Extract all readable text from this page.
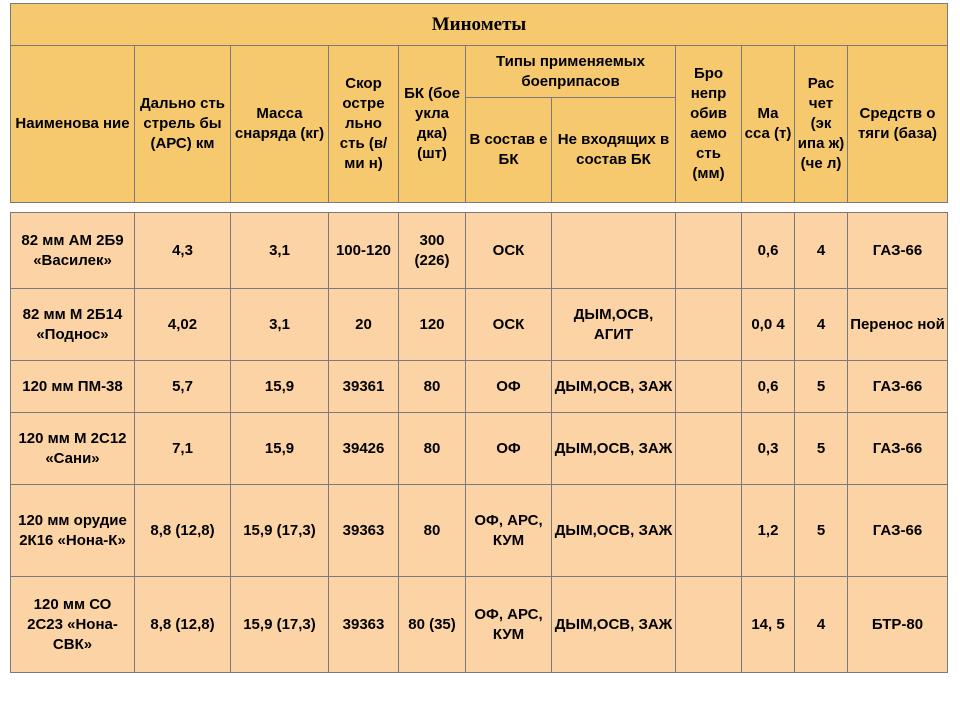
Минометы										
Наименова ние	Дально сть стрель бы (АРС) км	Масса снаряда (кг)	Скор остре льно сть (в/ми н)	БК (бое укла дка) (шт)	Типы применяемых боеприпасов		Бро непр обив аемо сть (мм)	Ма сса (т)	Рас чет (эк ипа ж) (че л)	Средств о тяги (база)
					В состав е БК	Не входящих в состав БК				
82 мм АМ 2Б9 «Василек»	4,3	3,1	100-120	300 (226)	ОСК			0,6	4	ГАЗ-66
82 мм М 2Б14 «Поднос»	4,02	3,1	20	120	ОСК	ДЫМ,ОСВ, АГИТ		0,0 4	4	Перенос ной
120 мм ПМ-38	5,7	15,9	39361	80	ОФ	ДЫМ,ОСВ, ЗАЖ		0,6	5	ГАЗ-66
120 мм М 2С12 «Сани»	7,1	15,9	39426	80	ОФ	ДЫМ,ОСВ, ЗАЖ		0,3	5	ГАЗ-66
120 мм орудие 2К16 «Нона-К»	8,8 (12,8)	15,9 (17,3)	39363	80	ОФ, АРС, КУМ	ДЫМ,ОСВ, ЗАЖ		1,2	5	ГАЗ-66
120 мм СО 2С23 «Нона-СВК»	8,8 (12,8)	15,9 (17,3)	39363	80 (35)	ОФ, АРС, КУМ	ДЫМ,ОСВ, ЗАЖ		14, 5	4	БТР-80
